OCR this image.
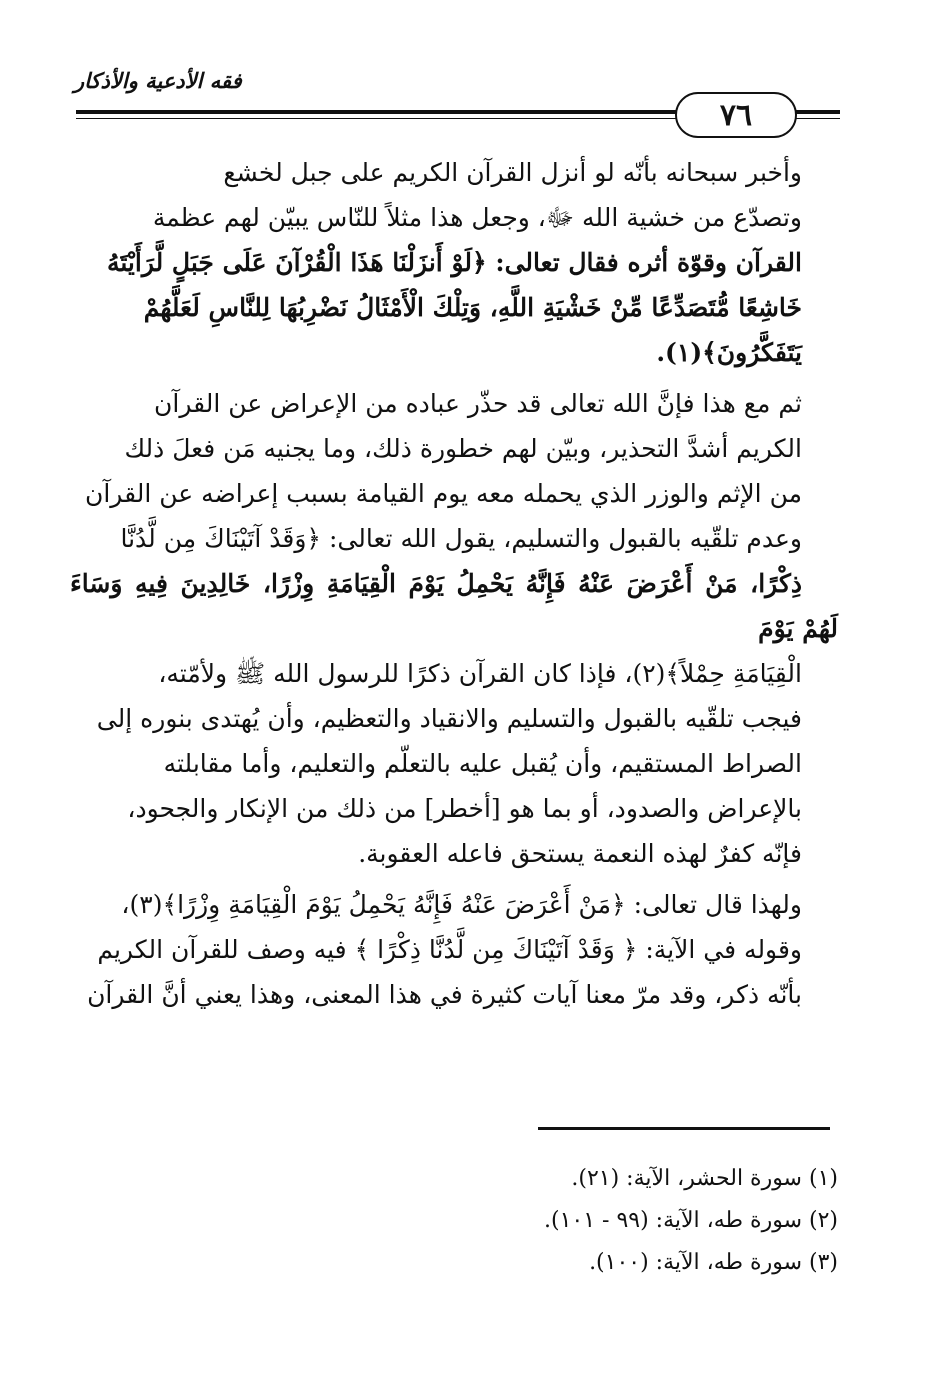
فقه الأدعية والأذكار
٧٦

وأخبر سبحانه بأنّه لو أنزل القرآن الكريم على جبل لخشع
وتصدّع من خشية الله ﷻ، وجعل هذا مثلاً للنّاس يبيّن لهم عظمة
القرآن وقوّة أثره فقال تعالى: ﴿لَوْ أَنزَلْنَا هَذَا الْقُرْآنَ عَلَى جَبَلٍ لَّرَأَيْتَهُ
خَاشِعًا مُّتَصَدِّعًا مِّنْ خَشْيَةِ اللَّهِ، وَتِلْكَ الْأَمْثَالُ نَضْرِبُهَا لِلنَّاسِ لَعَلَّهُمْ
يَتَفَكَّرُونَ﴾(١).

ثم مع هذا فإنَّ الله تعالى قد حذّر عباده من الإعراض عن القرآن
الكريم أشدَّ التحذير، وبيّن لهم خطورة ذلك، وما يجنيه مَن فعلَ ذلك
من الإثم والوزر الذي يحمله معه يوم القيامة بسبب إعراضه عن القرآن
وعدم تلقّيه بالقبول والتسليم، يقول الله تعالى: ﴿وَقَدْ آتَيْنَاكَ مِن لَّدُنَّا
ذِكْرًا، مَنْ أَعْرَضَ عَنْهُ فَإِنَّهُ يَحْمِلُ يَوْمَ الْقِيَامَةِ وِزْرًا، خَالِدِينَ فِيهِ وَسَاءَ لَهُمْ يَوْمَ
الْقِيَامَةِ حِمْلاً﴾(٢)، فإذا كان القرآن ذكرًا للرسول الله ﷺ ولأمّته،
فيجب تلقّيه بالقبول والتسليم والانقياد والتعظيم، وأن يُهتدى بنوره إلى
الصراط المستقيم، وأن يُقبل عليه بالتعلّم والتعليم، وأما مقابلته
بالإعراض والصدود، أو بما هو [أخطر] من ذلك من الإنكار والجحود،
فإنّه كفرٌ لهذه النعمة يستحق فاعله العقوبة.

ولهذا قال تعالى: ﴿مَنْ أَعْرَضَ عَنْهُ فَإِنَّهُ يَحْمِلُ يَوْمَ الْقِيَامَةِ وِزْرًا﴾(٣)،
وقوله في الآية: ﴿ وَقَدْ آتَيْنَاكَ مِن لَّدُنَّا ذِكْرًا ﴾ فيه وصف للقرآن الكريم
بأنّه ذكر، وقد مرّ معنا آيات كثيرة في هذا المعنى، وهذا يعني أنَّ القرآن

(١) سورة الحشر، الآية: (٢١).
(٢) سورة طه، الآية: (٩٩ - ١٠١).
(٣) سورة طه، الآية: (١٠٠).
